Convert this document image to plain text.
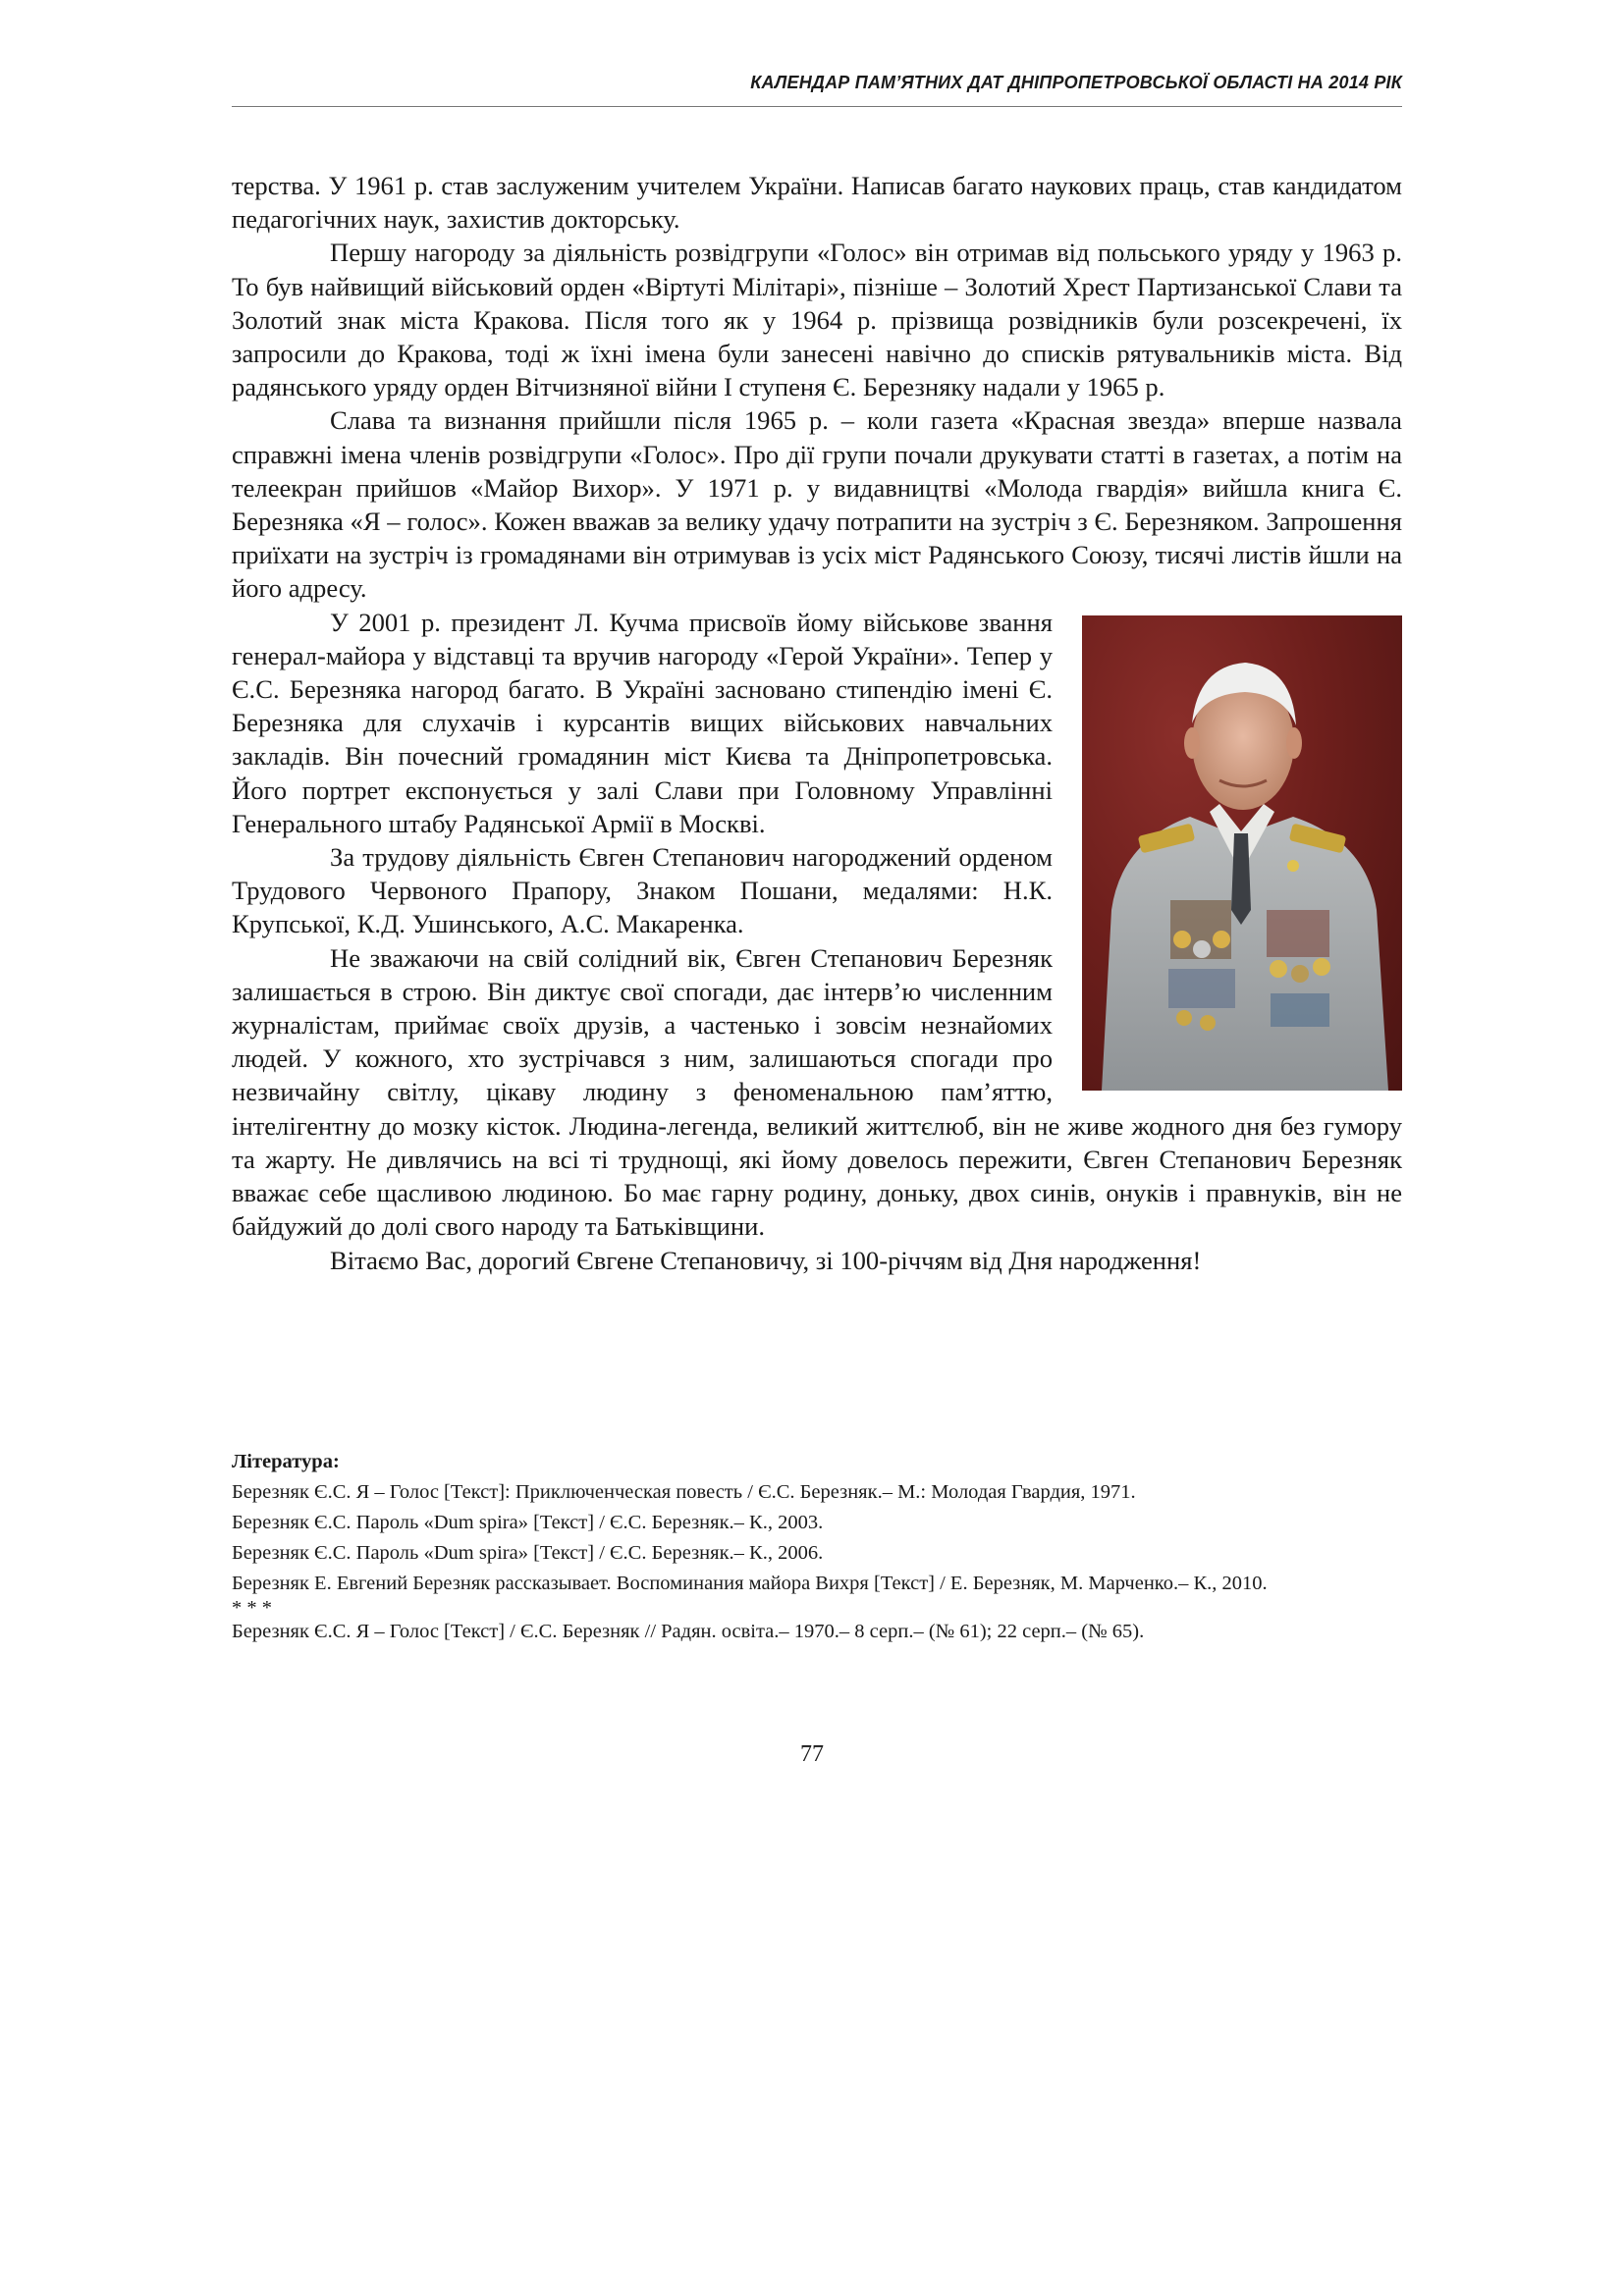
КАЛЕНДАР ПАМ’ЯТНИХ ДАТ ДНІПРОПЕТРОВСЬКОЇ ОБЛАСТІ НА 2014 РІК

терства. У 1961 р. став заслуженим учителем України. Написав багато наукових праць, став кандидатом педагогічних наук, захистив докторську.

Першу нагороду за діяльність розвідгрупи «Голос» він отримав від польського уряду у 1963 р. То був найвищий військовий орден «Віртуті Мілітарі», пізніше – Золотий Хрест Партизанської Слави та Золотий знак міста Кракова. Після того як у 1964 р. прізвища розвідників були розсекречені, їх запросили до Кракова, тоді ж їхні імена були занесені навічно до списків рятувальників міста. Від радянського уряду орден Вітчизняної війни I ступеня Є. Березняку надали у 1965 р.

Слава та визнання прийшли після 1965 р. – коли газета «Красная звезда» вперше назвала справжні імена членів розвідгрупи «Голос». Про дії групи почали друкувати статті в газетах, а потім на телеекран прийшов «Майор Вихор». У 1971 р. у видавництві «Молода гвардія» вийшла книга Є. Березняка «Я – голос». Кожен вважав за велику удачу потрапити на зустріч з Є. Березняком. Запрошення приїхати на зустріч із громадянами він отримував із усіх міст Радянського Союзу, тисячі листів йшли на його адресу.

У 2001 р. президент Л. Кучма присвоїв йому військове звання генерал-майора у відставці та вручив нагороду «Герой України». Тепер у Є.С. Березняка нагород багато. В Україні засновано стипендію імені Є. Березняка для слухачів і курсантів вищих військових навчальних закладів. Він почесний громадянин міст Києва та Дніпропетровська. Його портрет експонується у залі Слави при Головному Управлінні Генерального штабу Радянської Армії в Москві.

За трудову діяльність Євген Степанович нагороджений орденом Трудового Червоного Прапору, Знаком Пошани, медалями: Н.К. Крупської, К.Д. Ушинського, А.С. Макаренка.

Не зважаючи на свій солідний вік, Євген Степанович Березняк залишається в строю. Він диктує свої спогади, дає інтерв’ю численним журналістам, приймає своїх друзів, а частенько і зовсім незнайомих людей. У кожного, хто зустрічався з ним, залишаються спогади про незвичайну світлу, цікаву людину з феноменальною пам’яттю, інтелігентну до мозку кісток. Людина-легенда, великий життєлюб, він не живе жодного дня без гумору та жарту. Не дивлячись на всі ті труднощі, які йому довелось пережити, Євген Степанович Березняк вважає себе щасливою людиною. Бо має гарну родину, доньку, двох синів, онуків і правнуків, він не байдужий до долі свого народу та Батьківщини.

Вітаємо Вас, дорогий Євгене Степановичу, зі 100-річчям від Дня народження!

Література:

Березняк Є.С. Я – Голос [Текст]: Приключенческая повесть / Є.С. Березняк.– М.: Молодая Гвардия, 1971.

Березняк Є.С. Пароль «Dum spira» [Текст] / Є.С. Березняк.– К., 2003.

Березняк Є.С. Пароль «Dum spira» [Текст] / Є.С. Березняк.– К., 2006.

Березняк Е. Евгений Березняк рассказывает. Воспоминания майора Вихря [Текст] / Е. Березняк, М. Марченко.– К., 2010.

* * *

Березняк Є.С. Я – Голос [Текст] / Є.С. Березняк // Радян. освіта.– 1970.– 8 серп.– (№ 61); 22 серп.– (№ 65).

77
